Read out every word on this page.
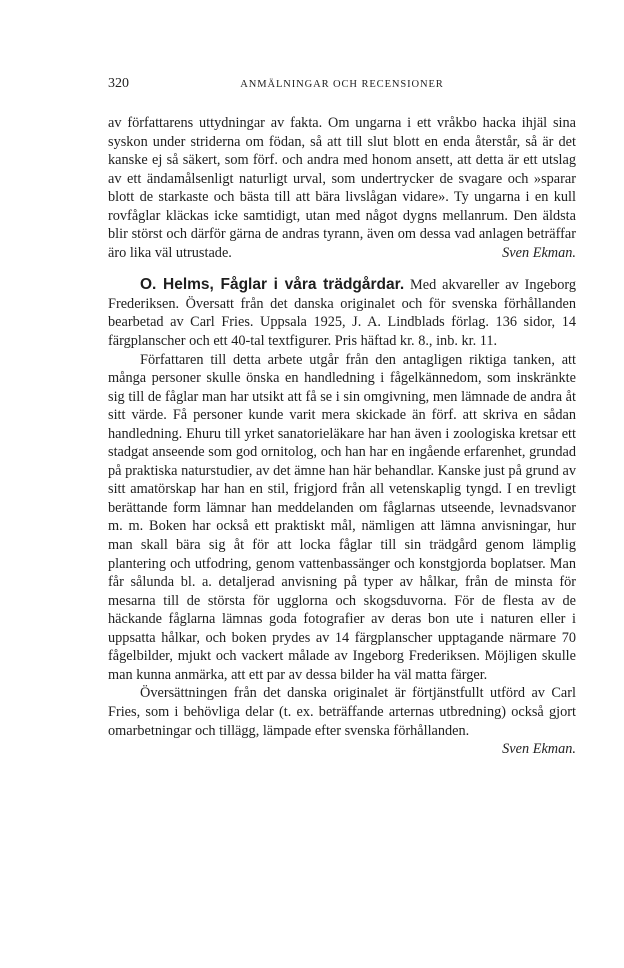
320	ANMÄLNINGAR OCH RECENSIONER

av författarens uttydningar av fakta. Om ungarna i ett vråkbo hacka ihjäl sina syskon under striderna om födan, så att till slut blott en enda återstår, så är det kanske ej så säkert, som förf. och andra med honom ansett, att detta är ett utslag av ett ändamålsenligt naturligt urval, som undertrycker de svagare och »sparar blott de starkaste och bästa till att bära livslågan vidare». Ty ungarna i en kull rovfåglar kläckas icke samtidigt, utan med något dygns mellanrum. Den äldsta blir störst och därför gärna de andras tyrann, även om dessa vad anlagen beträffar äro lika väl utrustade.	Sven Ekman.

O. Helms, Fåglar i våra trädgårdar. Med akvareller av Ingeborg Frederiksen. Översatt från det danska originalet och för svenska förhållanden bearbetad av Carl Fries. Uppsala 1925, J. A. Lindblads förlag. 136 sidor, 14 färgplanscher och ett 40-tal textfigurer. Pris häftad kr. 8., inb. kr. 11.

Författaren till detta arbete utgår från den antagligen riktiga tanken, att många personer skulle önska en handledning i fågelkännedom, som inskränkte sig till de fåglar man har utsikt att få se i sin omgivning, men lämnade de andra åt sitt värde. Få personer kunde varit mera skickade än förf. att skriva en sådan handledning. Ehuru till yrket sanatorieläkare har han även i zoologiska kretsar ett stadgat anseende som god ornitolog, och han har en ingående erfarenhet, grundad på praktiska naturstudier, av det ämne han här behandlar. Kanske just på grund av sitt amatörskap har han en stil, frigjord från all vetenskaplig tyngd. I en trevligt berättande form lämnar han meddelanden om fåglarnas utseende, levnadsvanor m. m. Boken har också ett praktiskt mål, nämligen att lämna anvisningar, hur man skall bära sig åt för att locka fåglar till sin trädgård genom lämplig plantering och utfodring, genom vattenbassänger och konstgjorda boplatser. Man får sålunda bl. a. detaljerad anvisning på typer av hålkar, från de minsta för mesarna till de största för ugglorna och skogsduvorna. För de flesta av de häckande fåglarna lämnas goda fotografier av deras bon ute i naturen eller i uppsatta hålkar, och boken prydes av 14 färgplanscher upptagande närmare 70 fågelbilder, mjukt och vackert målade av Ingeborg Frederiksen. Möjligen skulle man kunna anmärka, att ett par av dessa bilder ha väl matta färger.

Översättningen från det danska originalet är förtjänstfullt utförd av Carl Fries, som i behövliga delar (t. ex. beträffande arternas utbredning) också gjort omarbetningar och tillägg, lämpade efter svenska förhållanden.
Sven Ekman.
